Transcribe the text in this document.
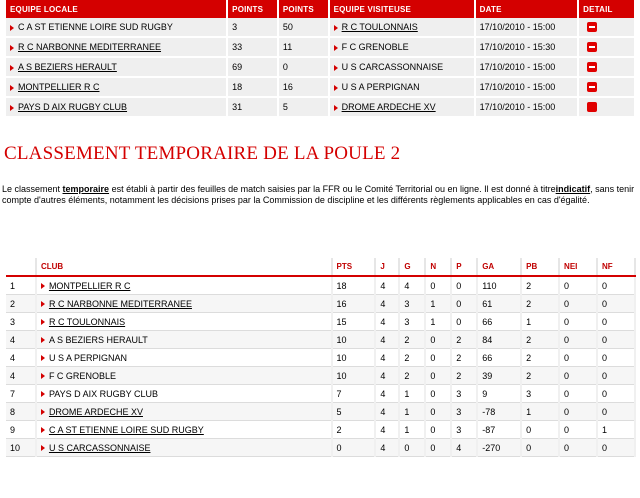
EQUIPE LOCALE	POINTS	POINTS	EQUIPE VISITEUSE	DATE	DETAIL
C A ST ETIENNE LOIRE SUD RUGBY	3	50	R C TOULONNAIS	17/10/2010 - 15:00	
R C NARBONNE MEDITERRANEE	33	11	F C GRENOBLE	17/10/2010 - 15:30	
A S BEZIERS HERAULT	69	0	U S CARCASSONNAISE	17/10/2010 - 15:00	
MONTPELLIER R C	18	16	U S A PERPIGNAN	17/10/2010 - 15:00	
PAYS D AIX RUGBY CLUB	31	5	DROME ARDECHE XV	17/10/2010 - 15:00	
CLASSEMENT TEMPORAIRE DE LA POULE 2

Le classement temporaire est établi à partir des feuilles de match saisies par la FFR ou le Comité Territorial ou en ligne. Il est donné à titreindicatif, sans tenir compte d'autres éléments, notamment les décisions prises par la Commission de discipline et les différents règlements applicables en cas d'égalité.

	CLUB	PTS	J	G	N	P	GA	PB	NEI	NF
1	MONTPELLIER R C	18	4	4	0	0	110	2	0	0
2	R C NARBONNE MEDITERRANEE	16	4	3	1	0	61	2	0	0
3	R C TOULONNAIS	15	4	3	1	0	66	1	0	0
4	A S BEZIERS HERAULT	10	4	2	0	2	84	2	0	0
4	U S A PERPIGNAN	10	4	2	0	2	66	2	0	0
4	F C GRENOBLE	10	4	2	0	2	39	2	0	0
7	PAYS D AIX RUGBY CLUB	7	4	1	0	3	9	3	0	0
8	DROME ARDECHE XV	5	4	1	0	3	-78	1	0	0
9	C A ST ETIENNE LOIRE SUD RUGBY	2	4	1	0	3	-87	0	0	1
10	U S CARCASSONNAISE	0	4	0	0	4	-270	0	0	0
